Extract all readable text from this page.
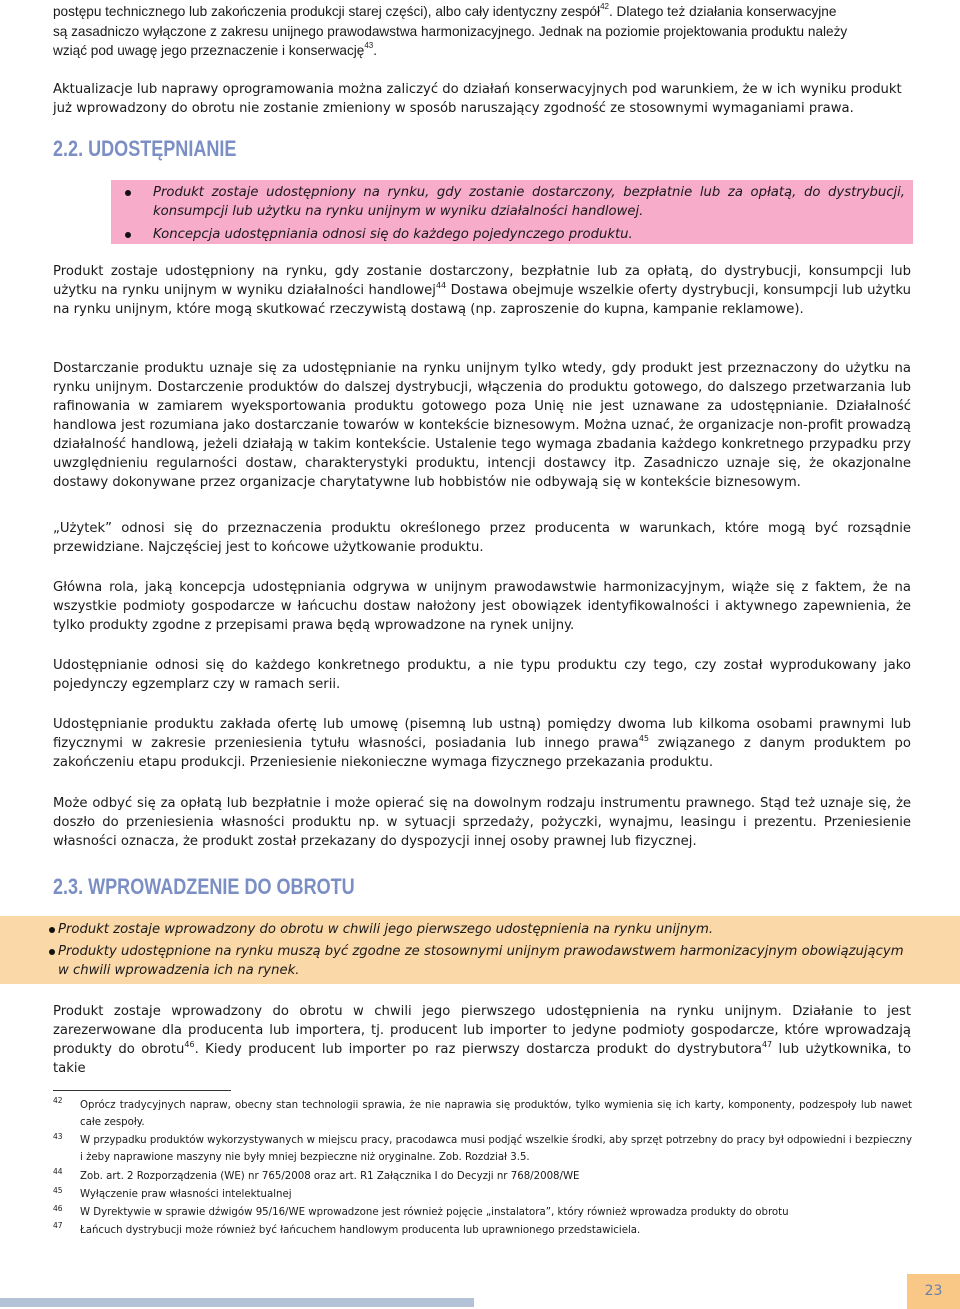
postępu technicznego lub zakończenia produkcji starej części), albo cały identyczny zespół$^{42}$. Dlatego też działania konserwacyjne
są zasadniczo wyłączone z zakresu unijnego prawodawstwa harmonizacyjnego. Jednak na poziomie projektowania produktu należy
wziąć pod uwagę jego przeznaczenie i konserwację$^{43}$.
Aktualizacje lub naprawy oprogramowania można zaliczyć do działań konserwacyjnych pod warunkiem, że w ich wyniku produkt już wprowadzony do obrotu nie zostanie zmieniony w sposób naruszający zgodność ze stosownymi wymaganiami prawa.
2.2. UDOSTĘPNIANIE
Produkt zostaje udostępniony na rynku, gdy zostanie dostarczony, bezpłatnie lub za opłatą, do dystrybucji, konsumpcji lub użytku na rynku unijnym w wyniku działalności handlowej.
Koncepcja udostępniania odnosi się do każdego pojedynczego produktu.
Produkt zostaje udostępniony na rynku, gdy zostanie dostarczony, bezpłatnie lub za opłatą, do dystrybucji, konsumpcji lub użytku na rynku unijnym w wyniku działalności handlowej$^{44}$ Dostawa obejmuje wszelkie oferty dystrybucji, konsumpcji lub użytku na rynku unijnym, które mogą skutkować rzeczywistą dostawą (np. zaproszenie do kupna, kampanie reklamowe).
Dostarczanie produktu uznaje się za udostępnianie na rynku unijnym tylko wtedy, gdy produkt jest przeznaczony do użytku na rynku unijnym. Dostarczenie produktów do dalszej dystrybucji, włączenia do produktu gotowego, do dalszego przetwarzania lub rafinowania w zamiarem wyeksportowania produktu gotowego poza Unię nie jest uznawane za udostępnianie. Działalność handlowa jest rozumiana jako dostarczanie towarów w kontekście biznesowym. Można uznać, że organizacje non-profit prowadzą działalność handlową, jeżeli działają w takim kontekście. Ustalenie tego wymaga zbadania każdego konkretnego przypadku przy uwzględnieniu regularności dostaw, charakterystyki produktu, intencji dostawcy itp. Zasadniczo uznaje się, że okazjonalne dostawy dokonywane przez organizacje charytatywne lub hobbistów nie odbywają się w kontekście biznesowym.
„Użytek” odnosi się do przeznaczenia produktu określonego przez producenta w warunkach, które mogą być rozsądnie przewidziane. Najczęściej jest to końcowe użytkowanie produktu.
Główna rola, jaką koncepcja udostępniania odgrywa w unijnym prawodawstwie harmonizacyjnym, wiąże się z faktem, że na wszystkie podmioty gospodarcze w łańcuchu dostaw nałożony jest obowiązek identyfikowalności i aktywnego zapewnienia, że tylko produkty zgodne z przepisami prawa będą wprowadzone na rynek unijny.
Udostępnianie odnosi się do każdego konkretnego produktu, a nie typu produktu czy tego, czy został wyprodukowany jako pojedynczy egzemplarz czy w ramach serii.
Udostępnianie produktu zakłada ofertę lub umowę (pisemną lub ustną) pomiędzy dwoma lub kilkoma osobami prawnymi lub fizycznymi w zakresie przeniesienia tytułu własności, posiadania lub innego prawa$^{45}$ związanego z danym produktem po zakończeniu etapu produkcji. Przeniesienie niekonieczne wymaga fizycznego przekazania produktu.
Może odbyć się za opłatą lub bezpłatnie i może opierać się na dowolnym rodzaju instrumentu prawnego. Stąd też uznaje się, że doszło do przeniesienia własności produktu np. w sytuacji sprzedaży, pożyczki, wynajmu, leasingu i prezentu. Przeniesienie własności oznacza, że produkt został przekazany do dyspozycji innej osoby prawnej lub fizycznej.
2.3. WPROWADZENIE DO OBROTU
Produkt zostaje wprowadzony do obrotu w chwili jego pierwszego udostępnienia na rynku unijnym.
Produkty udostępnione na rynku muszą być zgodne ze stosownymi unijnym prawodawstwem harmonizacyjnym obowiązującym w chwili wprowadzenia ich na rynek.
Produkt zostaje wprowadzony do obrotu w chwili jego pierwszego udostępnienia na rynku unijnym. Działanie to jest zarezerwowane dla producenta lub importera, tj. producent lub importer to jedyne podmioty gospodarcze, które wprowadzają produkty do obrotu$^{46}$. Kiedy producent lub importer po raz pierwszy dostarcza produkt do dystrybutora$^{47}$ lub użytkownika, to takie
42 Oprócz tradycyjnych napraw, obecny stan technologii sprawia, że nie naprawia się produktów, tylko wymienia się ich karty, komponenty, podzespoły lub nawet całe zespoły.
43 W przypadku produktów wykorzystywanych w miejscu pracy, pracodawca musi podjąć wszelkie środki, aby sprzęt potrzebny do pracy był odpowiedni i bezpieczny i żeby naprawione maszyny nie były mniej bezpieczne niż oryginalne. Zob. Rozdział 3.5.
44 Zob. art. 2 Rozporządzenia (WE) nr 765/2008 oraz art. R1 Załącznika I do Decyzji nr 768/2008/WE
45 Wyłączenie praw własności intelektualnej
46 W Dyrektywie w sprawie dźwigów 95/16/WE wprowadzone jest również pojęcie „instalatora”, który również wprowadza produkty do obrotu
47 Łańcuch dystrybucji może również być łańcuchem handlowym producenta lub uprawnionego przedstawiciela.
23
